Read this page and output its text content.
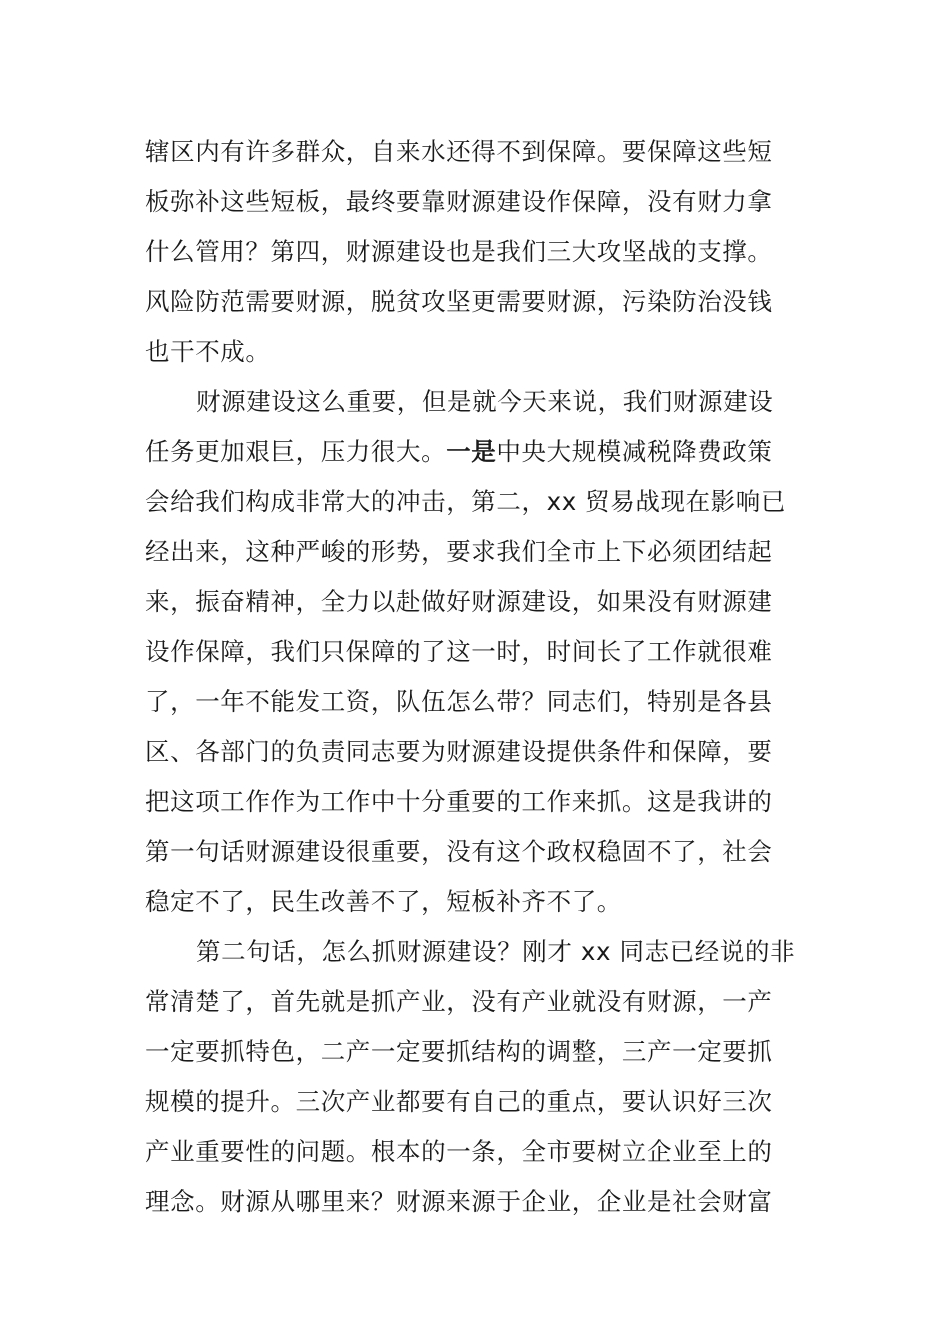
辖区内有许多群众，自来水还得不到保障。要保障这些短
板弥补这些短板，最终要靠财源建设作保障，没有财力拿
什么管用？第四，财源建设也是我们三大攻坚战的支撑。
风险防范需要财源，脱贫攻坚更需要财源，污染防治没钱
也干不成。
财源建设这么重要，但是就今天来说，我们财源建设
任务更加艰巨，压力很大。一是中央大规模减税降费政策
会给我们构成非常大的冲击，第二，xx 贸易战现在影响已
经出来，这种严峻的形势，要求我们全市上下必须团结起
来，振奋精神，全力以赴做好财源建设，如果没有财源建
设作保障，我们只保障的了这一时，时间长了工作就很难
了，一年不能发工资，队伍怎么带？同志们，特别是各县
区、各部门的负责同志要为财源建设提供条件和保障，要
把这项工作作为工作中十分重要的工作来抓。这是我讲的
第一句话财源建设很重要，没有这个政权稳固不了，社会
稳定不了，民生改善不了，短板补齐不了。
第二句话，怎么抓财源建设？刚才 xx 同志已经说的非
常清楚了，首先就是抓产业，没有产业就没有财源，一产
一定要抓特色，二产一定要抓结构的调整，三产一定要抓
规模的提升。三次产业都要有自己的重点，要认识好三次
产业重要性的问题。根本的一条，全市要树立企业至上的
理念。财源从哪里来？财源来源于企业，企业是社会财富
